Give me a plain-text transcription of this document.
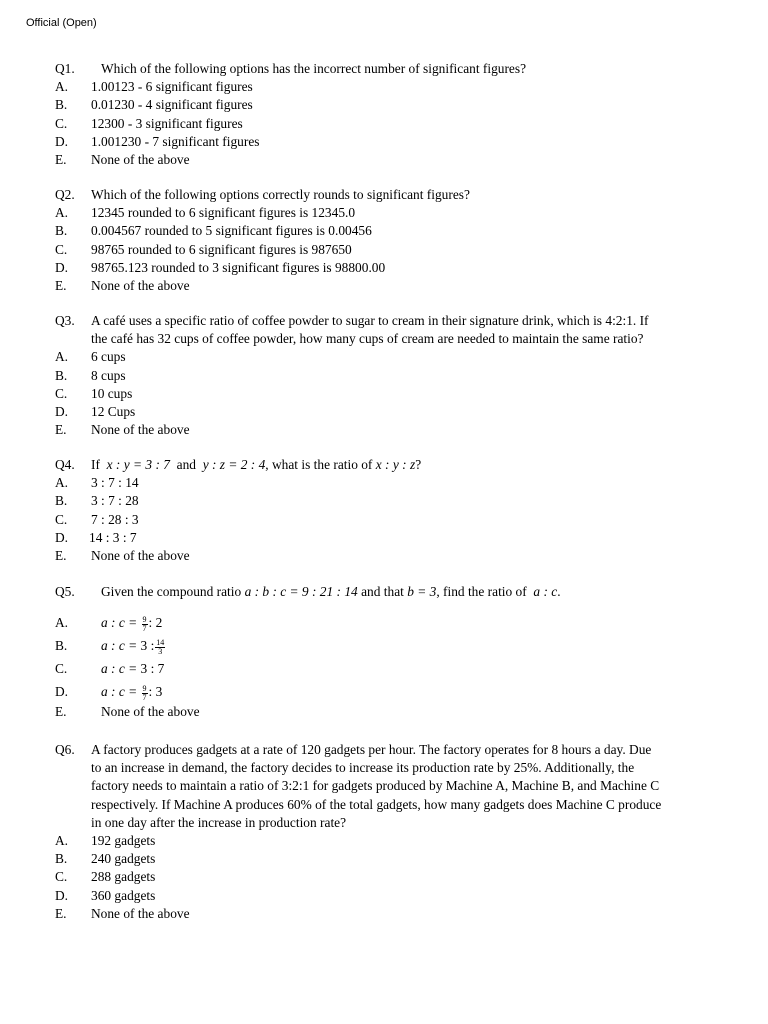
Official (Open)
Q1. Which of the following options has the incorrect number of significant figures?
A. 1.00123 - 6 significant figures
B. 0.01230 - 4 significant figures
C. 12300 - 3 significant figures
D. 1.001230 - 7 significant figures
E. None of the above
Q2. Which of the following options correctly rounds to significant figures?
A. 12345 rounded to 6 significant figures is 12345.0
B. 0.004567 rounded to 5 significant figures is 0.00456
C. 98765 rounded to 6 significant figures is 987650
D. 98765.123 rounded to 3 significant figures is 98800.00
E. None of the above
Q3. A café uses a specific ratio of coffee powder to sugar to cream in their signature drink, which is 4:2:1. If
the café has 32 cups of coffee powder, how many cups of cream are needed to maintain the same ratio?
A. 6 cups
B. 8 cups
C. 10 cups
D. 12 Cups
E. None of the above
Q4. If x : y = 3 : 7 and y : z = 2 : 4, what is the ratio of x : y : z?
A. 3 : 7 : 14
B. 3 : 7 : 28
C. 7 : 28 : 3
D. 14 : 3 : 7
E. None of the above
Q5. Given the compound ratio a : b : c = 9 : 21 : 14 and that b = 3, find the ratio of a : c.
A. a : $c = \frac{9}{7}$ : 2
B.	a : c = 3 : $\frac{14}{3}$
C.	a : c = 3 : 7
D. a : $c = \frac{9}{7}$ : 3
E.	None of the above
Q6. A factory produces gadgets at a rate of 120 gadgets per hour. The factory operates for 8 hours a day. Due
to an increase in demand, the factory decides to increase its production rate by 25%. Additionally, the
factory needs to maintain a ratio of 3:2:1 for gadgets produced by Machine A, Machine B, and Machine C
respectively. If Machine A produces 60% of the total gadgets, how many gadgets does Machine C produce
in one day after the increase in production rate?
A. 192 gadgets
B. 240 gadgets
C. 288 gadgets
D. 360 gadgets
E. None of the above
